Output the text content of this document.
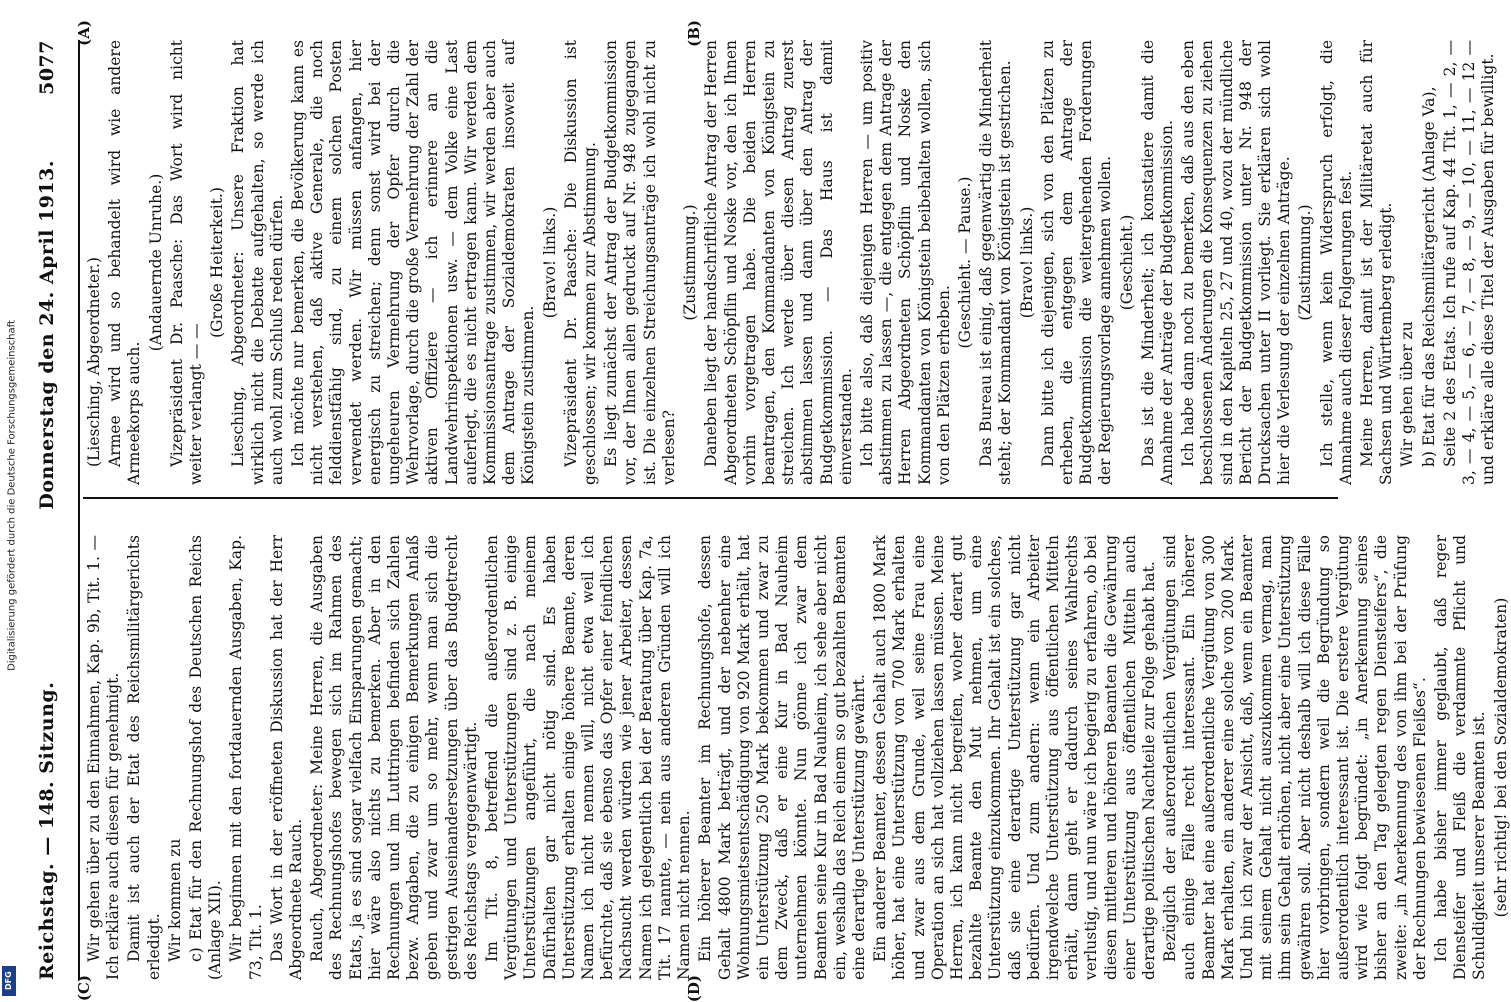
Digitalisierung gefördert durch die Deutsche Forschungsgemeinschaft
DFG
Reichstag. — 148. Sitzung.
Donnerstag den 24. April 1913.
5077
(A)	(B)
(C)	(D)

(Liesching, Abgeordneter.) Armee wird und so behandelt wird wie andere Armeekorps auch.

(Andauernde Unruhe.) Vizepräsident Dr. Paasche: Das Wort wird nicht weiter verlangt — —

(Große Heiterkeit.) Liesching, Abgeordneter: Unsere Fraktion hat wirklich nicht die Debatte aufgehalten, so werde ich auch wohl zum Schluß reden dürfen. Ich möchte nur bemerken, die Bevölkerung kann es nicht verstehen, daß aktive Generale, die noch felddienstfähig sind, zu einem solchen Posten verwendet werden. Wir müssen anfangen, hier energisch zu streichen; denn sonst wird bei der ungeheuren Vermehrung der Opfer durch die Wehrvorlage, durch die große Vermehrung der Zahl der aktiven Offiziere — ich erinnere an die Landwehrinspektionen usw. — dem Volke eine Last auferlegt, die es nicht ertragen kann. Wir werden dem Kommissionsantrage zustimmen, wir werden aber auch dem Antrage der Sozialdemokraten insoweit auf Königstein zustimmen.

(Bravo! links.) Vizepräsident Dr. Paasche: Die Diskussion ist geschlossen; wir kommen zur Abstimmung. Es liegt zunächst der Antrag der Budgetkommission vor, der Ihnen allen gedruckt auf Nr. 948 zugegangen ist. Die einzelnen Streichungsanträge ich wohl nicht zu verlesen?

(Zustimmung.) Daneben liegt der handschriftliche Antrag der Herren Abgeordneten Schöpflin und Noske vor, den ich Ihnen vorhin vorgetragen habe. Die beiden Herren beantragen, den Kommandanten von Königstein zu streichen. Ich werde über diesen Antrag zuerst abstimmen lassen und dann über den Antrag der Budgetkommission. — Das Haus ist damit einverstanden. Ich bitte also, daß diejenigen Herren — um positiv abstimmen zu lassen —, die entgegen dem Antrage der Herren Abgeordneten Schöpflin und Noske den Kommandanten von Königstein beibehalten wollen, sich von den Plätzen erheben.

(Geschieht. — Pause.) Das Bureau ist einig, daß gegenwärtig die Minderheit steht; der Kommandant von Königstein ist gestrichen. (Bravo! links.) Dann bitte ich diejenigen, sich von den Plätzen zu erheben, die entgegen dem Antrage der Budgetkommission die weitergehenden Forderungen der Regierungsvorlage annehmen wollen. (Geschieht.) Das ist die Minderheit; ich konstatiere damit die Annahme der Anträge der Budgetkommission. Ich habe dann noch zu bemerken, daß aus den eben beschlossenen Änderungen die Konsequenzen zu ziehen sind in den Kapiteln 25, 27 und 40, wozu der mündliche Bericht der Budgetkommission unter Nr. 948 der Drucksachen unter II vorliegt. Sie erklären sich wohl hier die Verlesung der einzelnen Anträge. (Zustimmung.) Ich stelle, wenn kein Widerspruch erfolgt, die Annahme auch dieser Folgerungen fest. Meine Herren, damit ist der Militäretat auch für Sachsen und Württemberg erledigt. Wir gehen über zu b) Etat für das Reichsmilitärgericht (Anlage Va), Seite 2 des Etats. Ich rufe auf Kap. 44 Tit. 1, — 2, — 3, — 4, — 5, — 6, — 7, — 8, — 9, — 10, — 11, — 12 — und erkläre alle diese Titel der Ausgaben für bewilligt.

Wir gehen über zu den Einnahmen, Kap. 9b, Tit. 1. — Ich erkläre auch diesen für genehmigt. Damit ist auch der Etat des Reichsmilitärgerichts erledigt. Wir kommen zu c) Etat für den Rechnungshof des Deutschen Reichs (Anlage XII). Wir beginnen mit den fortdauernden Ausgaben, Kap. 73, Tit. 1. Das Wort in der eröffneten Diskussion hat der Herr Abgeordnete Rauch. Rauch, Abgeordneter: Meine Herren, die Ausgaben des Rechnungshofes bewegen sich im Rahmen des Etats, ja es sind sogar vielfach Einsparungen gemacht; hier wäre also nichts zu bemerken. Aber in den Rechnungen und im Luttringen befinden sich Zahlen bezw. Angaben, die zu einigen Bemerkungen Anlaß geben und zwar um so mehr, wenn man sich die gestrigen Auseinandersetzungen über das Budgetrecht des Reichstags vergegenwärtigt. Im Tit. 8, betreffend die außerordentlichen Vergütungen und Unterstützungen sind z. B. einige Unterstützungen angeführt, die nach meinem Dafürhalten gar nicht nötig sind. Es haben Unterstützung erhalten einige höhere Beamte, deren Namen ich nicht nennen will, nicht etwa weil ich befürchte, daß sie ebenso das Opfer einer feindlichen Nachsucht werden würden wie jener Arbeiter, dessen Namen ich gelegentlich bei der Beratung über Kap. 7a, Tit. 17 nannte, — nein aus anderen Gründen will ich Namen nicht nennen. Ein höherer Beamter im Rechnungshofe, dessen Gehalt 4800 Mark beträgt, und der nebenher eine Wohnungsmietsentschädigung von 920 Mark erhält, hat ein Unterstützung 250 Mark bekommen und zwar zu dem Zweck, daß er eine Kur in Bad Nauheim unternehmen könnte. Nun gönne ich zwar dem Beamten seine Kur in Bad Nauheim, ich sehe aber nicht ein, weshalb das Reich einem so gut bezahlten Beamten eine derartige Unterstützung gewährt. Ein anderer Beamter, dessen Gehalt auch 1800 Mark höher, hat eine Unterstützung von 700 Mark erhalten und zwar aus dem Grunde, weil seine Frau eine Operation an sich hat vollziehen lassen müssen. Meine Herren, ich kann nicht begreifen, woher derart gut bezahlte Beamte den Mut nehmen, um eine Unterstützung einzukommen. Ihr Gehalt ist ein solches, daß sie eine derartige Unterstützung gar nicht bedürfen. Und zum andern: wenn ein Arbeiter irgendwelche Unterstützung aus öffentlichen Mitteln erhält, dann geht er dadurch seines Wahlrechts verlustig, und nun wäre ich begierig zu erfahren, ob bei diesen mittleren und höheren Beamten die Gewährung einer Unterstützung aus öffentlichen Mitteln auch derartige politischen Nachteile zur Folge gehabt hat. Bezüglich der außerordentlichen Vergütungen sind auch einige Fälle recht interessant. Ein höherer Beamter hat eine außerordentliche Vergütung von 300 Mark erhalten, ein anderer eine solche von 200 Mark. Und bin ich zwar der Ansicht, daß, wenn ein Beamter mit seinem Gehalt nicht auszukommen vermag, man ihm sein Gehalt erhöhen, nicht aber eine Unterstützung gewähren soll. Aber nicht deshalb will ich diese Fälle hier vorbringen, sondern weil die Begründung so außerordentlich interessant ist. Die erstere Vergütung wird wie folgt begründet: „in Anerkennung seines bisher an den Tag gelegten regen Diensteifers“, die zweite: „in Anerkennung des von ihm bei der Prüfung der Rechnungen bewiesenen Fleißes“. Ich habe bisher immer geglaubt, daß reger Diensteifer und Fleiß die verdammte Pflicht und Schuldigkeit unserer Beamten ist. (sehr richtig! bei den Sozialdemokraten)
